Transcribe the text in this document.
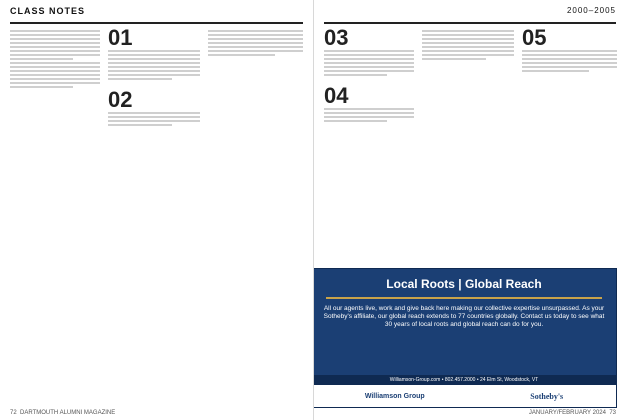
CLASS NOTES
01
02
72 DARTMOUTH ALUMNI MAGAZINE
2000–2005
03
04
05
Local Roots | Global Reach
All our agents live, work and give back here making our collective expertise unsurpassed. As your Sotheby's affiliate, our global reach extends to 77 countries globally. Contact us today to see what 30 years of local roots and global reach can do for you.
Williamson-Group.com • 802.457.2000 • 24 Elm St, Woodstock, VT
Williamson Group	Sotheby's
JANUARY/FEBRUARY 2024 73
